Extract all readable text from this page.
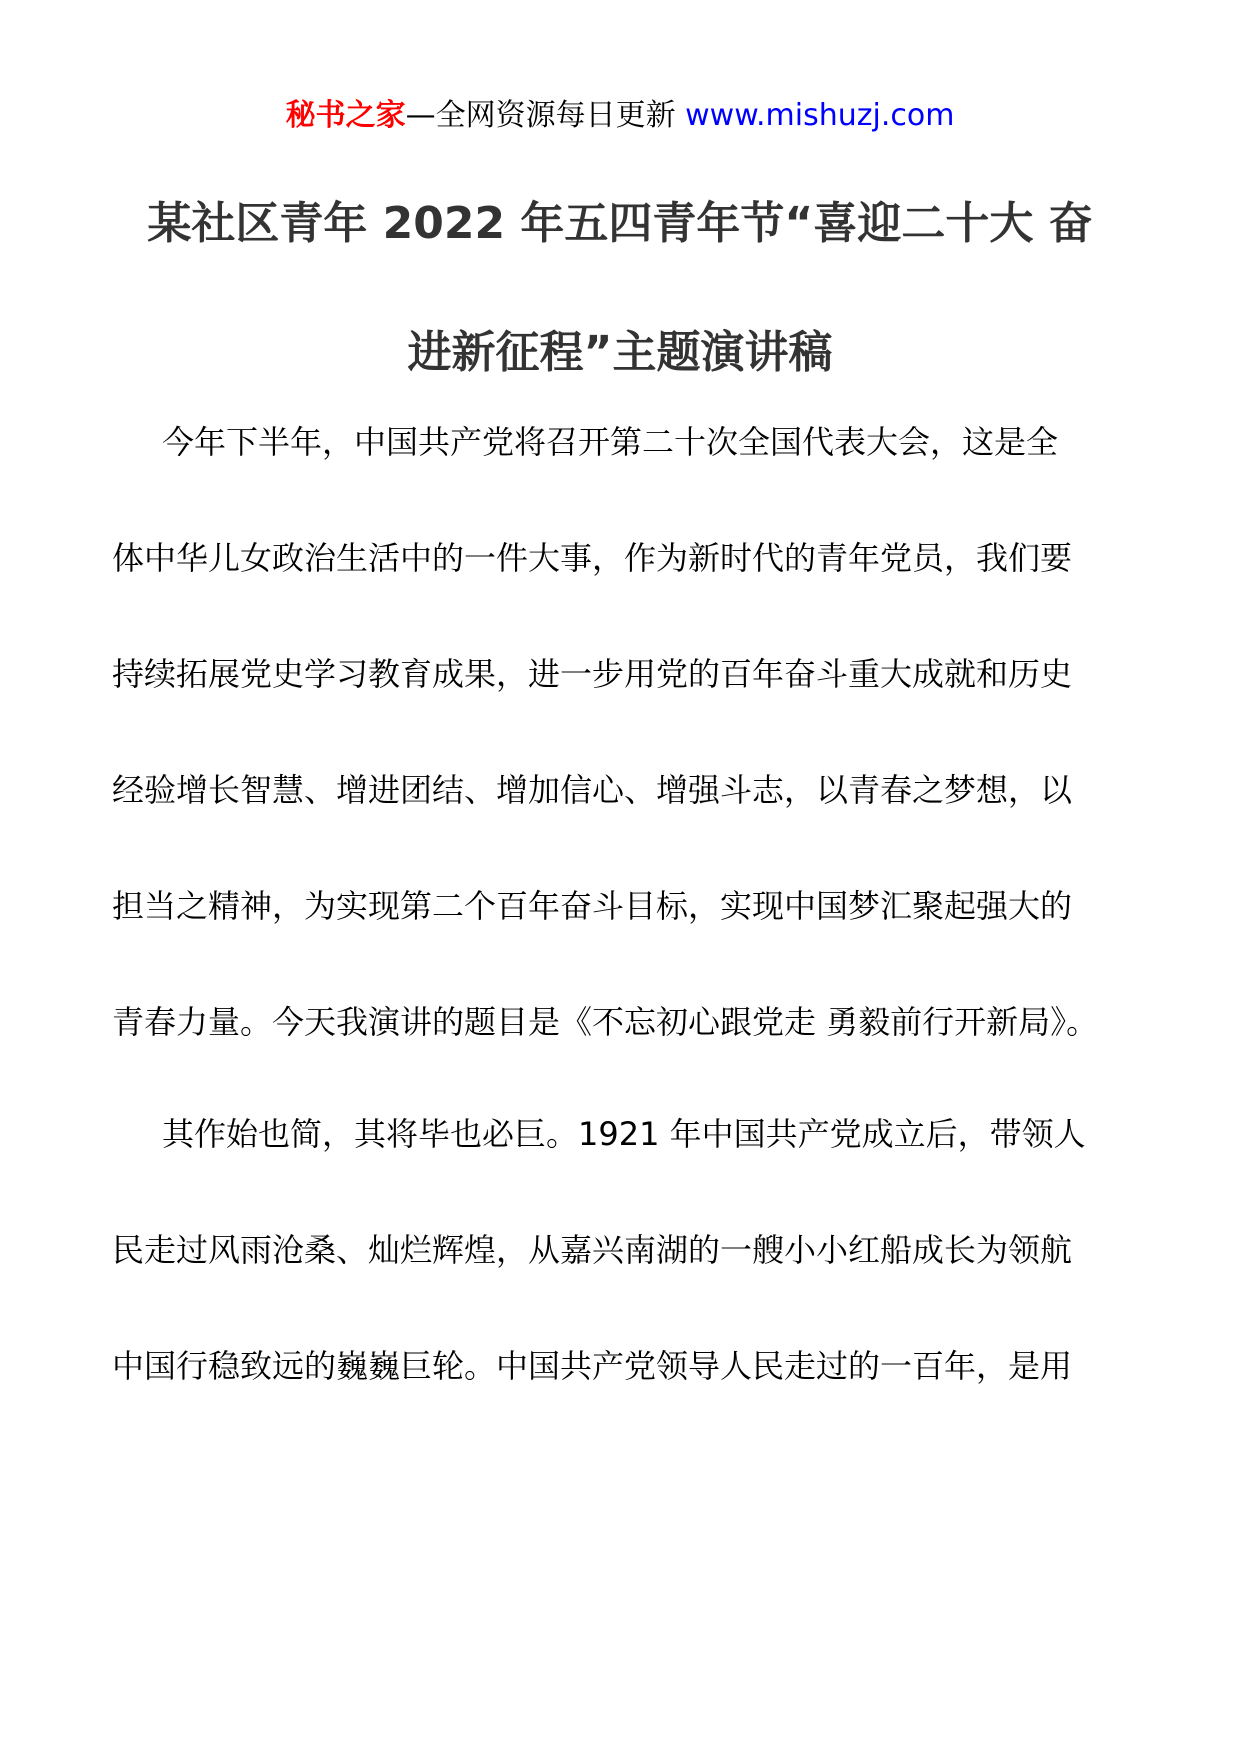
秘书之家—全网资源每日更新 www.mishuzj.com
某社区青年 2022 年五四青年节“喜迎二十大 奋
进新征程”主题演讲稿
今年下半年，中国共产党将召开第二十次全国代表大会，这是全
体中华儿女政治生活中的一件大事，作为新时代的青年党员，我们要
持续拓展党史学习教育成果，进一步用党的百年奋斗重大成就和历史
经验增长智慧、增进团结、增加信心、增强斗志，以青春之梦想，以
担当之精神，为实现第二个百年奋斗目标，实现中国梦汇聚起强大的
青春力量。今天我演讲的题目是《不忘初心跟党走 勇毅前行开新局》。
其作始也简，其将毕也必巨。1921 年中国共产党成立后，带领人
民走过风雨沧桑、灿烂辉煌，从嘉兴南湖的一艘小小红船成长为领航
中国行稳致远的巍巍巨轮。中国共产党领导人民走过的一百年，是用
